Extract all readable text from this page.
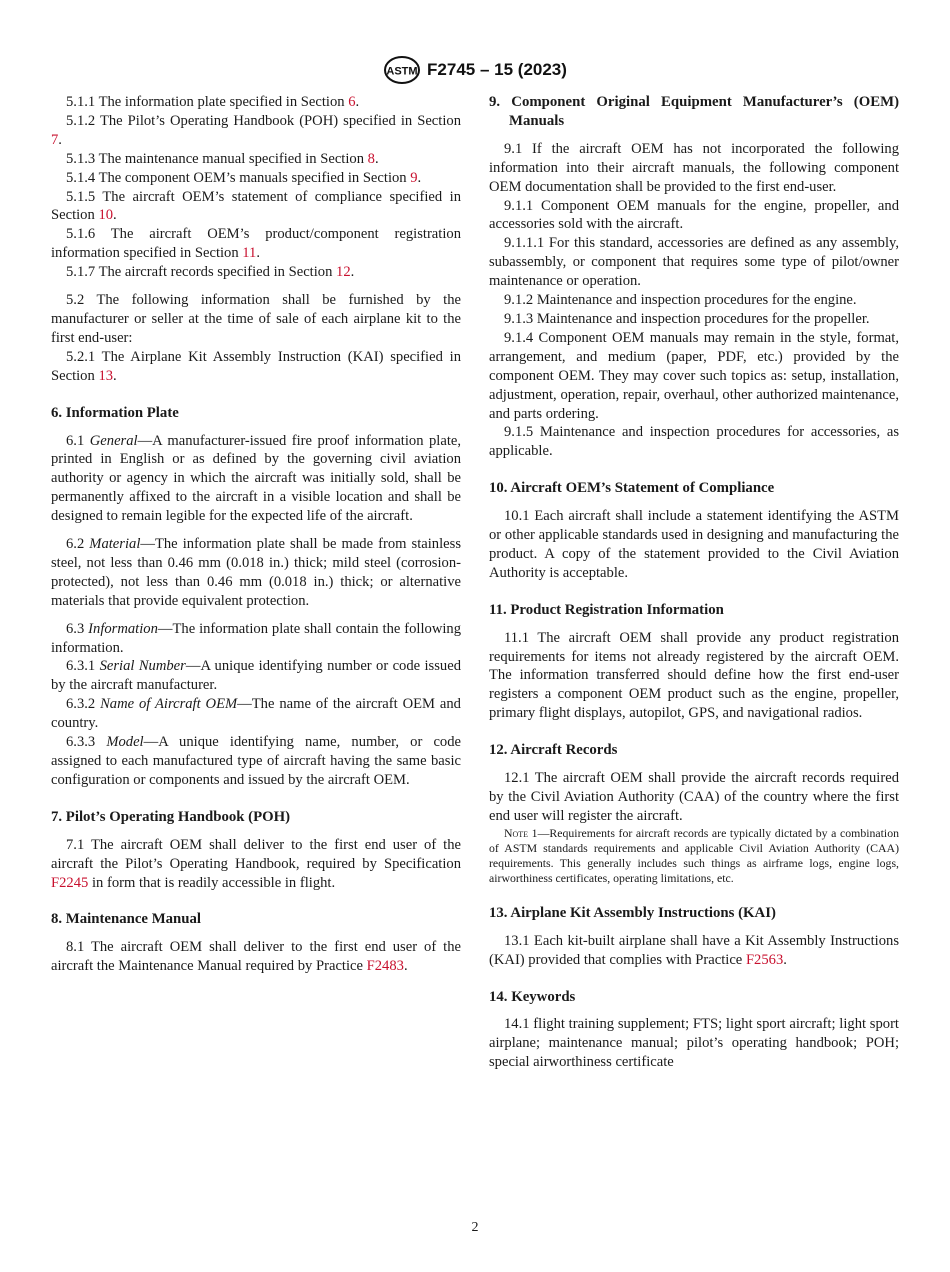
ASTM F2745 – 15 (2023)

5.1.1 The information plate specified in Section 6.

5.1.2 The Pilot’s Operating Handbook (POH) specified in Section 7.

5.1.3 The maintenance manual specified in Section 8.

5.1.4 The component OEM’s manuals specified in Section 9.

5.1.5 The aircraft OEM’s statement of compliance specified in Section 10.

5.1.6 The aircraft OEM’s product/component registration information specified in Section 11.

5.1.7 The aircraft records specified in Section 12.

5.2 The following information shall be furnished by the manufacturer or seller at the time of sale of each airplane kit to the first end-user:

5.2.1 The Airplane Kit Assembly Instruction (KAI) specified in Section 13.

6. Information Plate

6.1 General—A manufacturer-issued fire proof information plate, printed in English or as defined by the governing civil aviation authority or agency in which the aircraft was initially sold, shall be permanently affixed to the aircraft in a visible location and shall be designed to remain legible for the expected life of the aircraft.

6.2 Material—The information plate shall be made from stainless steel, not less than 0.46 mm (0.018 in.) thick; mild steel (corrosion-protected), not less than 0.46 mm (0.018 in.) thick; or alternative materials that provide equivalent protection.

6.3 Information—The information plate shall contain the following information.

6.3.1 Serial Number—A unique identifying number or code issued by the aircraft manufacturer.

6.3.2 Name of Aircraft OEM—The name of the aircraft OEM and country.

6.3.3 Model—A unique identifying name, number, or code assigned to each manufactured type of aircraft having the same basic configuration or components and issued by the aircraft OEM.

7. Pilot’s Operating Handbook (POH)

7.1 The aircraft OEM shall deliver to the first end user of the aircraft the Pilot’s Operating Handbook, required by Specification F2245 in form that is readily accessible in flight.

8. Maintenance Manual

8.1 The aircraft OEM shall deliver to the first end user of the aircraft the Maintenance Manual required by Practice F2483.

9. Component Original Equipment Manufacturer’s (OEM) Manuals

9.1 If the aircraft OEM has not incorporated the following information into their aircraft manuals, the following component OEM documentation shall be provided to the first end-user.

9.1.1 Component OEM manuals for the engine, propeller, and accessories sold with the aircraft.

9.1.1.1 For this standard, accessories are defined as any assembly, subassembly, or component that requires some type of pilot/owner maintenance or operation.

9.1.2 Maintenance and inspection procedures for the engine.

9.1.3 Maintenance and inspection procedures for the propeller.

9.1.4 Component OEM manuals may remain in the style, format, arrangement, and medium (paper, PDF, etc.) provided by the component OEM. They may cover such topics as: setup, installation, adjustment, operation, repair, overhaul, other authorized maintenance, and parts ordering.

9.1.5 Maintenance and inspection procedures for accessories, as applicable.

10. Aircraft OEM’s Statement of Compliance

10.1 Each aircraft shall include a statement identifying the ASTM or other applicable standards used in designing and manufacturing the product. A copy of the statement provided to the Civil Aviation Authority is acceptable.

11. Product Registration Information

11.1 The aircraft OEM shall provide any product registration requirements for items not already registered by the aircraft OEM. The information transferred should define how the first end-user registers a component OEM product such as the engine, propeller, primary flight displays, autopilot, GPS, and navigational radios.

12. Aircraft Records

12.1 The aircraft OEM shall provide the aircraft records required by the Civil Aviation Authority (CAA) of the country where the first end user will register the aircraft.

Note 1—Requirements for aircraft records are typically dictated by a combination of ASTM standards requirements and applicable Civil Aviation Authority (CAA) requirements. This generally includes such things as airframe logs, engine logs, airworthiness certificates, operating limitations, etc.

13. Airplane Kit Assembly Instructions (KAI)

13.1 Each kit-built airplane shall have a Kit Assembly Instructions (KAI) provided that complies with Practice F2563.

14. Keywords

14.1 flight training supplement; FTS; light sport aircraft; light sport airplane; maintenance manual; pilot’s operating handbook; POH; special airworthiness certificate

2
